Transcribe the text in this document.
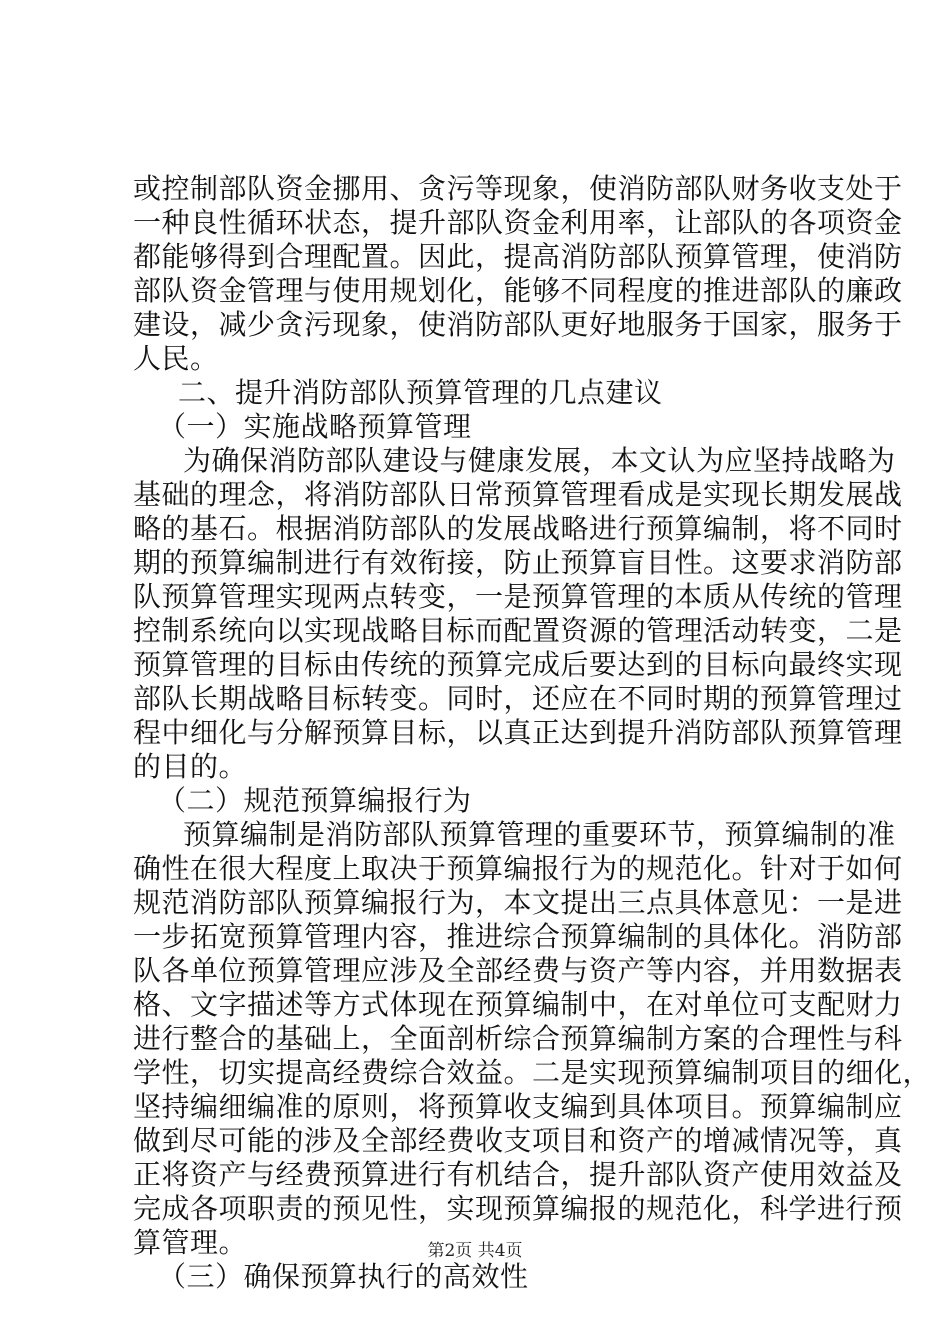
或控制部队资金挪用、贪污等现象，使消防部队财务收支处于
一种良性循环状态，提升部队资金利用率，让部队的各项资金
都能够得到合理配置。因此，提高消防部队预算管理，使消防
部队资金管理与使用规划化，能够不同程度的推进部队的廉政
建设，减少贪污现象，使消防部队更好地服务于国家，服务于
人民。
二、提升消防部队预算管理的几点建议
（一）实施战略预算管理
为确保消防部队建设与健康发展，本文认为应坚持战略为
基础的理念，将消防部队日常预算管理看成是实现长期发展战
略的基石。根据消防部队的发展战略进行预算编制，将不同时
期的预算编制进行有效衔接，防止预算盲目性。这要求消防部
队预算管理实现两点转变，一是预算管理的本质从传统的管理
控制系统向以实现战略目标而配置资源的管理活动转变，二是
预算管理的目标由传统的预算完成后要达到的目标向最终实现
部队长期战略目标转变。同时，还应在不同时期的预算管理过
程中细化与分解预算目标，以真正达到提升消防部队预算管理
的目的。
（二）规范预算编报行为
预算编制是消防部队预算管理的重要环节，预算编制的准
确性在很大程度上取决于预算编报行为的规范化。针对于如何
规范消防部队预算编报行为，本文提出三点具体意见：一是进
一步拓宽预算管理内容，推进综合预算编制的具体化。消防部
队各单位预算管理应涉及全部经费与资产等内容，并用数据表
格、文字描述等方式体现在预算编制中，在对单位可支配财力
进行整合的基础上，全面剖析综合预算编制方案的合理性与科
学性，切实提高经费综合效益。二是实现预算编制项目的细化，
坚持编细编准的原则，将预算收支编到具体项目。预算编制应
做到尽可能的涉及全部经费收支项目和资产的增减情况等，真
正将资产与经费预算进行有机结合，提升部队资产使用效益及
完成各项职责的预见性，实现预算编报的规范化，科学进行预
算管理。
（三）确保预算执行的高效性
第2页 共4页
